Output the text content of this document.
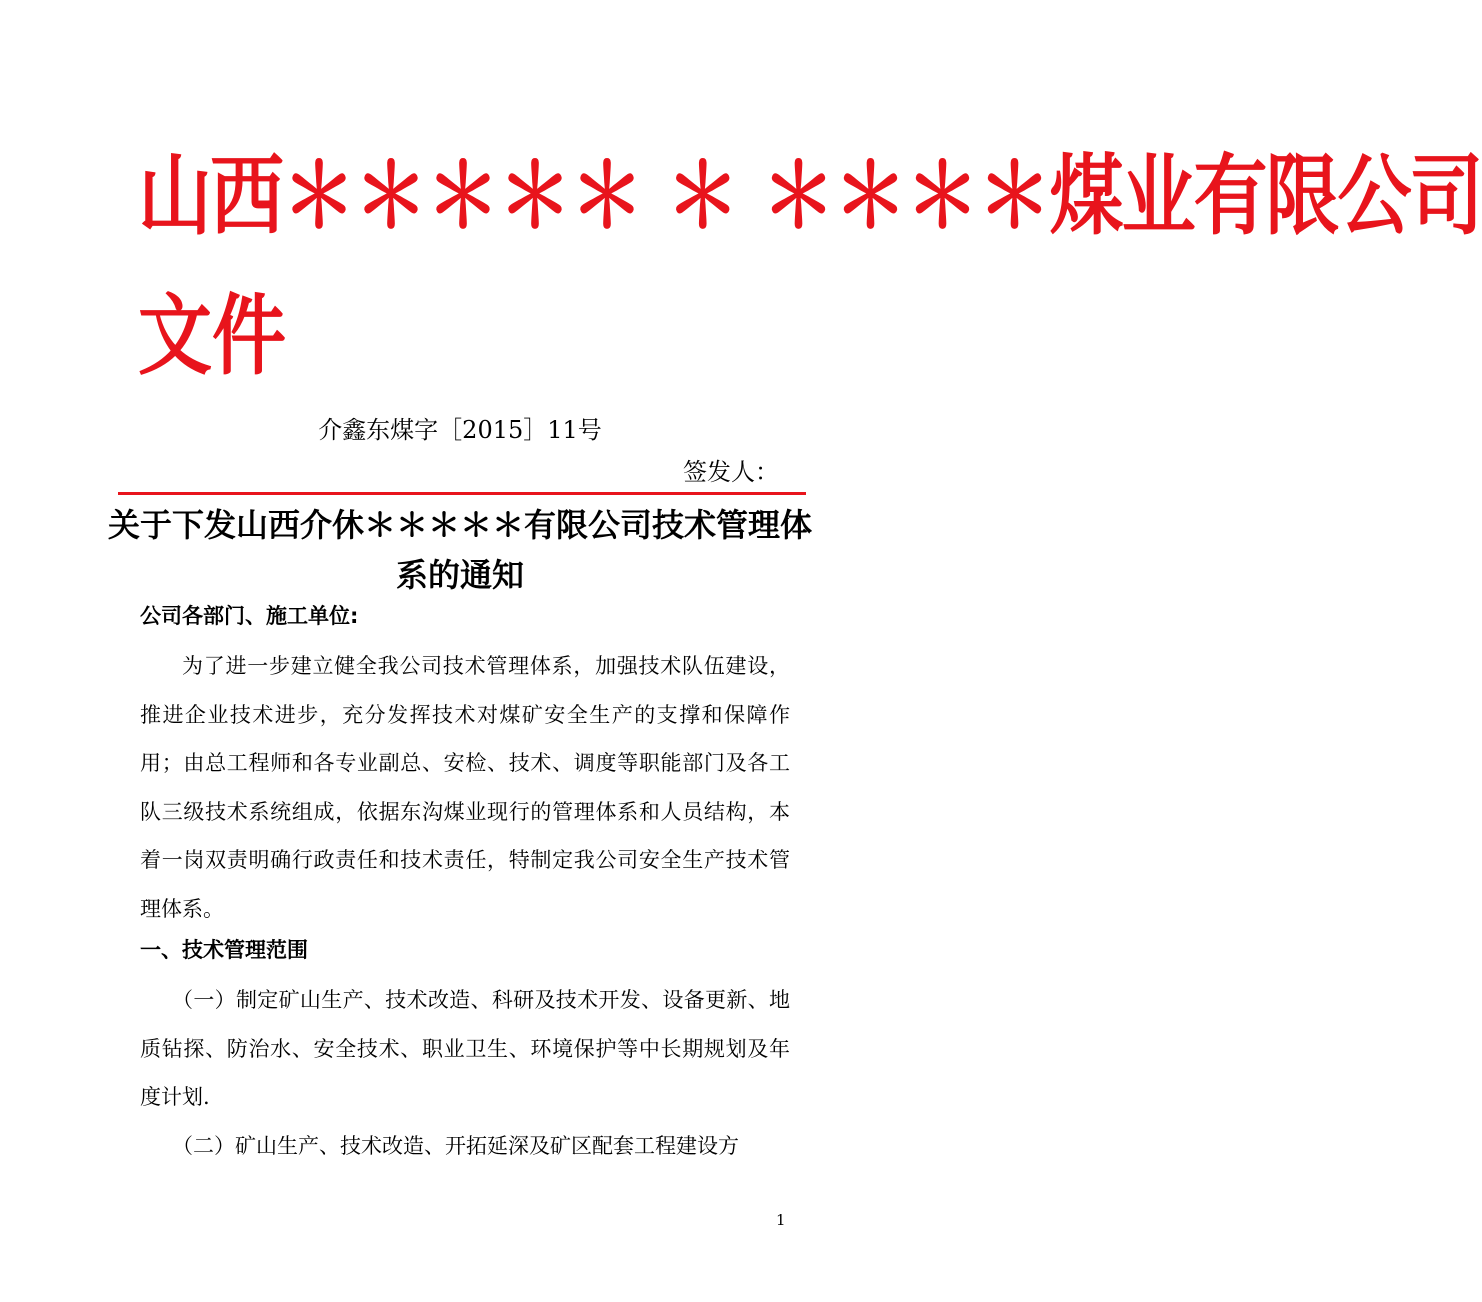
山西＊＊＊＊＊ ＊ ＊＊＊＊煤业有限公司
文件
介鑫东煤字［2015］11号
签发人：
关于下发山西介休＊＊＊＊＊有限公司技术管理体系的通知
公司各部门、施工单位:
为了进一步建立健全我公司技术管理体系，加强技术队伍建设，推进企业技术进步，充分发挥技术对煤矿安全生产的支撑和保障作用；由总工程师和各专业副总、安检、技术、调度等职能部门及各工队三级技术系统组成，依据东沟煤业现行的管理体系和人员结构，本着一岗双责明确行政责任和技术责任，特制定我公司安全生产技术管理体系。
一、技术管理范围
（一）制定矿山生产、技术改造、科研及技术开发、设备更新、地质钻探、防治水、安全技术、职业卫生、环境保护等中长期规划及年度计划.
（二）矿山生产、技术改造、开拓延深及矿区配套工程建设方
1
